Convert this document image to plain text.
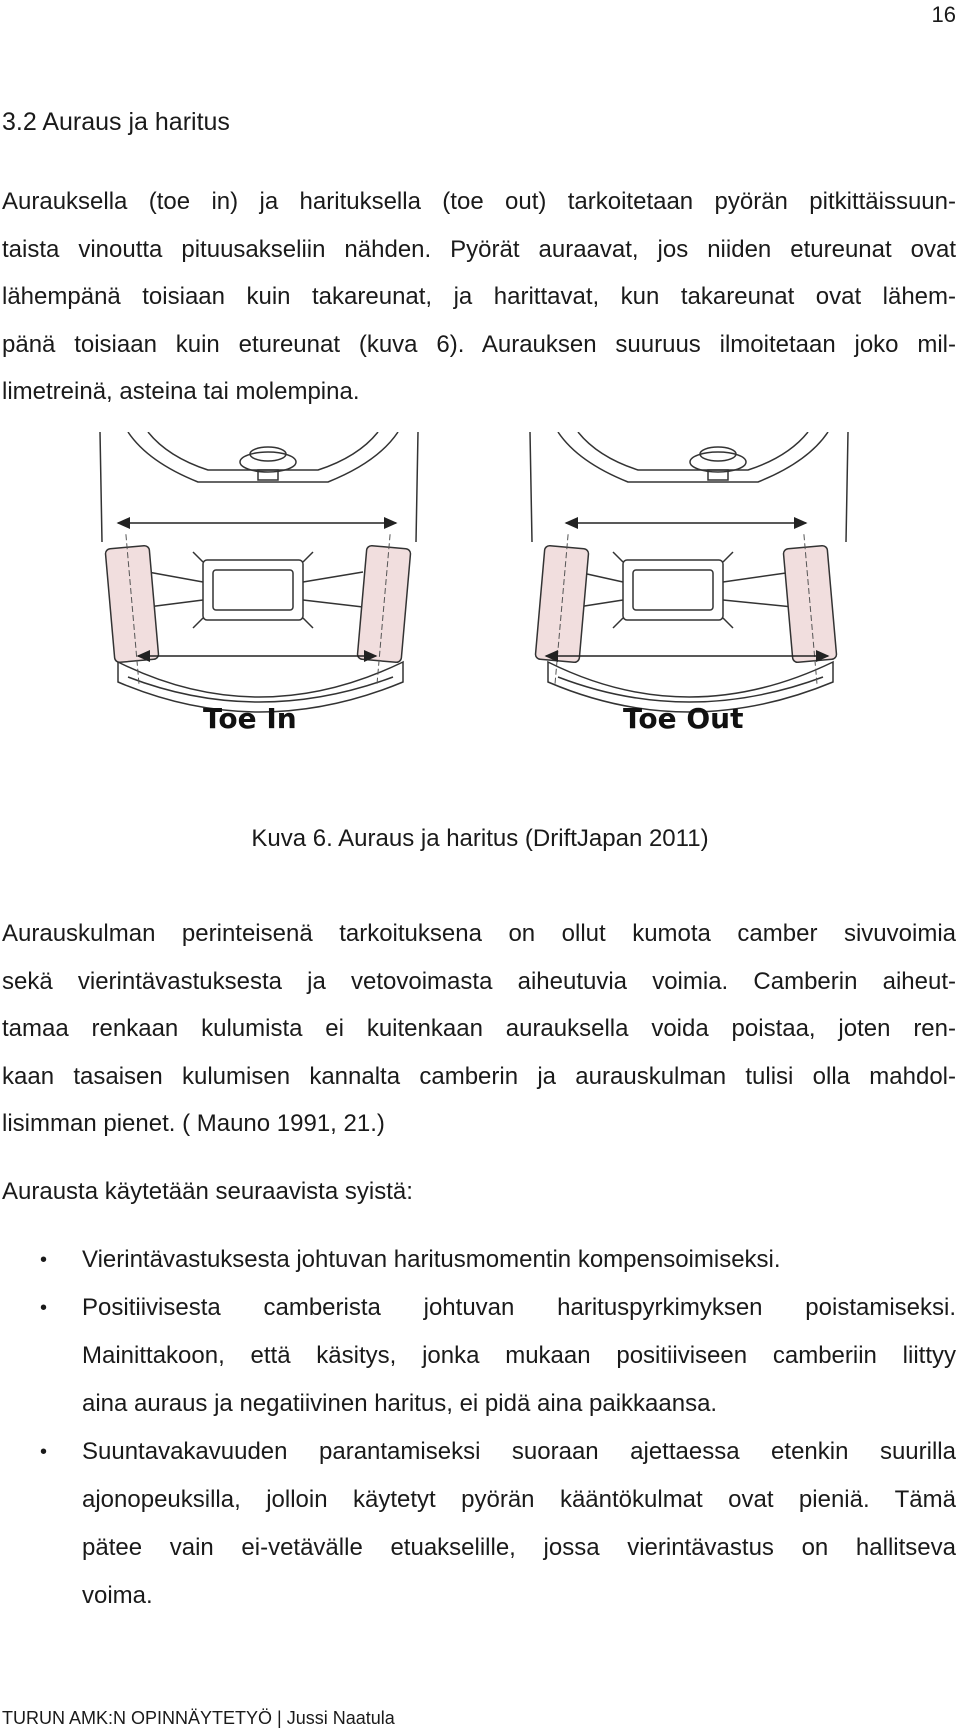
16
3.2 Auraus ja haritus
Aurauksella (toe in) ja harituksella (toe out) tarkoitetaan pyörän pitkittäissuun-
taista vinoutta pituusakseliin nähden. Pyörät auraavat, jos niiden etureunat ovat
lähempänä toisiaan kuin takareunat, ja harittavat, kun takareunat ovat lähem-
pänä toisiaan kuin etureunat (kuva 6). Aurauksen suuruus ilmoitetaan joko mil-
limetreinä, asteina tai molempina.
Toe In	Toe Out
Kuva 6. Auraus ja haritus (DriftJapan 2011)
Aurauskulman perinteisenä tarkoituksena on ollut kumota camber sivuvoimia
sekä vierintävastuksesta ja vetovoimasta aiheutuvia voimia. Camberin aiheut-
tamaa renkaan kulumista ei kuitenkaan aurauksella voida poistaa, joten ren-
kaan tasaisen kulumisen kannalta camberin ja aurauskulman tulisi olla mahdol-
lisimman pienet. ( Mauno 1991, 21.)
Aurausta käytetään seuraavista syistä:
• Vierintävastuksesta johtuvan haritusmomentin kompensoimiseksi.
• Positiivisesta camberista johtuvan harituspyrkimyksen poistamiseksi.
Mainittakoon, että käsitys, jonka mukaan positiiviseen camberiin liittyy
aina auraus ja negatiivinen haritus, ei pidä aina paikkaansa.
• Suuntavakavuuden parantamiseksi suoraan ajettaessa etenkin suurilla
ajonopeuksilla, jolloin käytetyt pyörän kääntökulmat ovat pieniä. Tämä
pätee vain ei-vetävälle etuakselille, jossa vierintävastus on hallitseva
voima.
TURUN AMK:N OPINNÄYTETYÖ | Jussi Naatula
